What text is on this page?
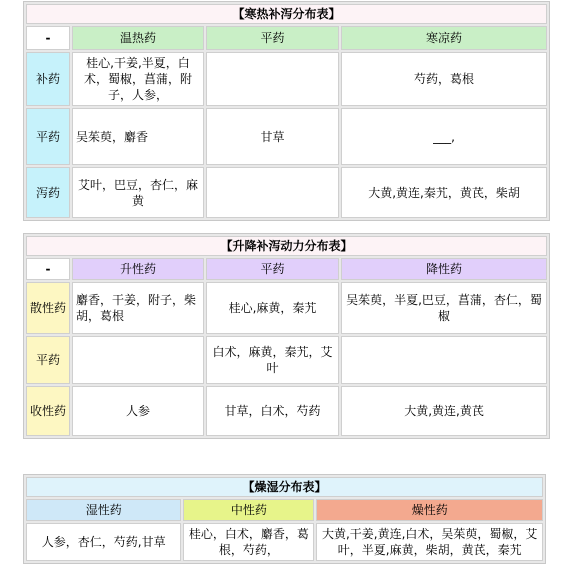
【寒热补泻分布表】			
-	温热药	平药	寒凉药
补药	桂心,干姜,半夏，白术，蜀椒，菖蒲，附子，人参，		芍药，葛根
平药	吴茱萸，麝香	甘草	___,
泻药	艾叶，巴豆，杏仁，麻黄		大黄,黄连,秦艽，黄芪，柴胡
【升降补泻动力分布表】			
-	升性药	平药	降性药
散性药	麝香，干姜，附子，柴胡，葛根	桂心,麻黄，秦艽	吴茱萸，半夏,巴豆，菖蒲，杏仁，蜀椒
平药		白术，麻黄，秦艽，艾叶	
收性药	人参	甘草，白术，芍药	大黄,黄连,黄芪
【燥湿分布表】		
湿性药	中性药	燥性药
人参，杏仁，芍药,甘草	桂心，白术，麝香，葛根，芍药，	大黄,干姜,黄连,白术，吴茱萸，蜀椒，艾叶，半夏,麻黄，柴胡，黄芪，秦艽
